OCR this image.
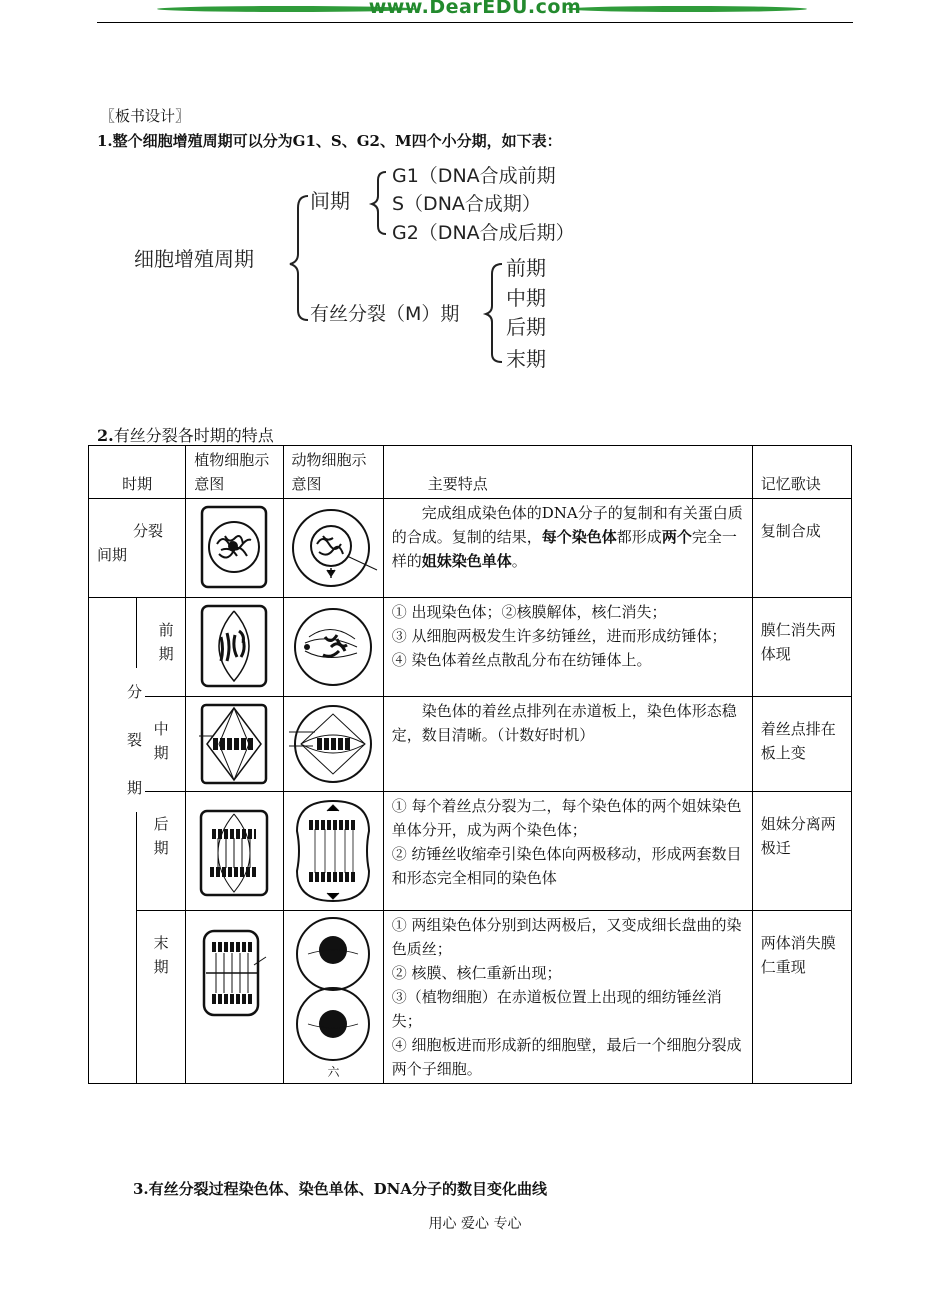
www.DearEDU.com
〖板书设计〗
1.整个细胞增殖周期可以分为G1、S、G2、M四个小分期，如下表：
细胞增殖周期
间期
G1（DNA合成前期
S（DNA合成期）
G2（DNA合成后期）
有丝分裂（M）期
前期
中期
后期
末期
2.有丝分裂各时期的特点
时期		植物细胞示意图	动物细胞示意图	主要特点	记忆歌诀
分裂间期				完成组成染色体的DNA分子的复制和有关蛋白质的合成。复制的结果，每个染色体都形成两个完全一样的姐妹染色单体。	复制合成

分裂期	前期			① 出现染色体；②核膜解体，核仁消失；
③ 从细胞两极发生许多纺锤丝，进而形成纺锤体；
④ 染色体着丝点散乱分布在纺锤体上。	膜仁消失两体现

	中期			染色体的着丝点排列在赤道板上，染色体形态稳定，数目清晰。（计数好时机）	着丝点排在板上变

	后期			① 每个着丝点分裂为二，每个染色体的两个姐妹染色单体分开，成为两个染色体；
② 纺锤丝收缩牵引染色体向两极移动，形成两套数目和形态完全相同的染色体	姐妹分离两极迁

	末期		六	① 两组染色体分别到达两极后，又变成细长盘曲的染色质丝；
② 核膜、核仁重新出现；
③（植物细胞）在赤道板位置上出现的细纺锤丝消失；
④ 细胞板进而形成新的细胞壁，最后一个细胞分裂成两个子细胞。	两体消失膜仁重现
3.有丝分裂过程染色体、染色单体、DNA分子的数目变化曲线
用心 爱心 专心
